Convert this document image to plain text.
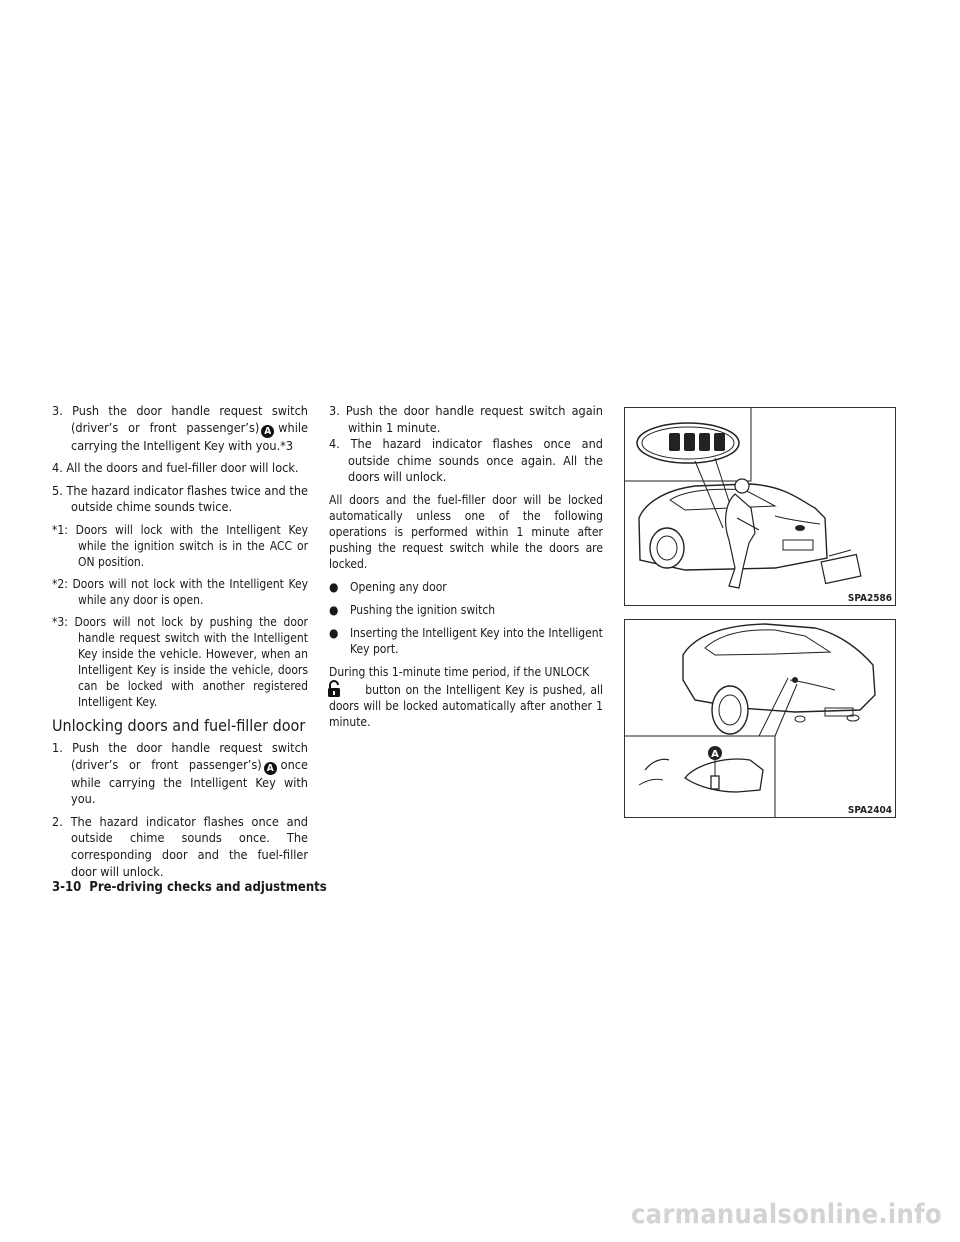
3. Push the door handle request switch (driver’s or front passenger’s) A while carrying the Intelligent Key with you.*3

4. All the doors and fuel-filler door will lock.

5. The hazard indicator flashes twice and the outside chime sounds twice.

*1: Doors will lock with the Intelligent Key while the ignition switch is in the ACC or ON position.

*2: Doors will not lock with the Intelligent Key while any door is open.

*3: Doors will not lock by pushing the door handle request switch with the Intelligent Key inside the vehicle. However, when an Intelligent Key is inside the vehicle, doors can be locked with another registered Intelligent Key.

Unlocking doors and fuel-filler door

1. Push the door handle request switch (driver’s or front passenger’s) A once while carrying the Intelligent Key with you.

2. The hazard indicator flashes once and outside chime sounds once. The corresponding door and the fuel-filler door will unlock.

3. Push the door handle request switch again within 1 minute.

4. The hazard indicator flashes once and outside chime sounds once again. All the doors will unlock.

All doors and the fuel-filler door will be locked automatically unless one of the following operations is performed within 1 minute after pushing the request switch while the doors are locked.

● Opening any door
● Pushing the ignition switch
● Inserting the Intelligent Key into the Intelligent Key port.

During this 1-minute time period, if the UNLOCK
button on the Intelligent Key is pushed, all doors will be locked automatically after another 1 minute.

SPA2586
A
SPA2404
3-10 Pre-driving checks and adjustments
carmanualsonline.info
